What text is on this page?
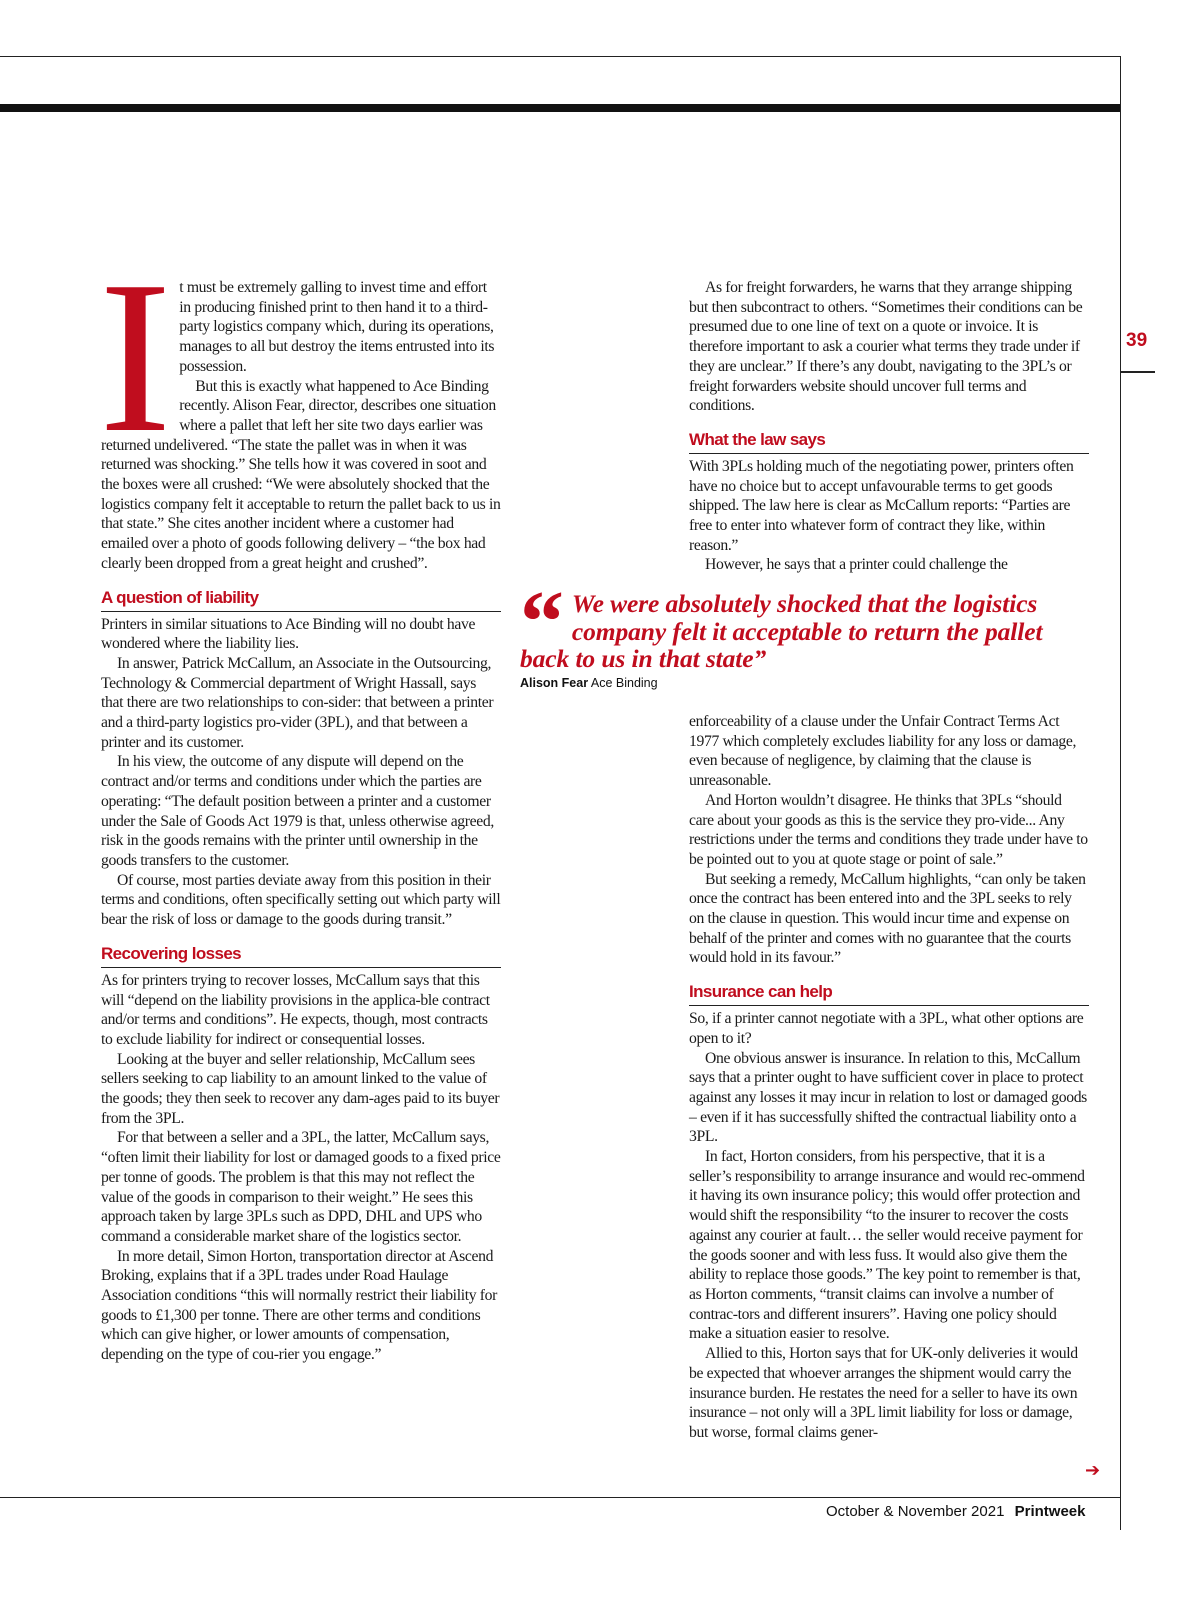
39
I t must be extremely galling to invest time and effort in producing finished print to then hand it to a third-party logistics company which, during its operations, manages to all but destroy the items entrusted into its possession.

But this is exactly what happened to Ace Binding recently. Alison Fear, director, describes one situation where a pallet that left her site two days earlier was returned undelivered. “The state the pallet was in when it was returned was shocking.” She tells how it was covered in soot and the boxes were all crushed: “We were absolutely shocked that the logistics company felt it acceptable to return the pallet back to us in that state.” She cites another incident where a customer had emailed over a photo of goods following delivery – “the box had clearly been dropped from a great height and crushed”.

A question of liability

Printers in similar situations to Ace Binding will no doubt have wondered where the liability lies.

In answer, Patrick McCallum, an Associate in the Outsourcing, Technology & Commercial department of Wright Hassall, says that there are two relationships to con-sider: that between a printer and a third-party logistics pro-vider (3PL), and that between a printer and its customer.

In his view, the outcome of any dispute will depend on the contract and/or terms and conditions under which the parties are operating: “The default position between a printer and a customer under the Sale of Goods Act 1979 is that, unless otherwise agreed, risk in the goods remains with the printer until ownership in the goods transfers to the customer.

Of course, most parties deviate away from this position in their terms and conditions, often specifically setting out which party will bear the risk of loss or damage to the goods during transit.”

Recovering losses

As for printers trying to recover losses, McCallum says that this will “depend on the liability provisions in the applica-ble contract and/or terms and conditions”. He expects, though, most contracts to exclude liability for indirect or consequential losses.

Looking at the buyer and seller relationship, McCallum sees sellers seeking to cap liability to an amount linked to the value of the goods; they then seek to recover any dam-ages paid to its buyer from the 3PL.

For that between a seller and a 3PL, the latter, McCallum says, “often limit their liability for lost or damaged goods to a fixed price per tonne of goods. The problem is that this may not reflect the value of the goods in comparison to their weight.” He sees this approach taken by large 3PLs such as DPD, DHL and UPS who command a considerable market share of the logistics sector.

In more detail, Simon Horton, transportation director at Ascend Broking, explains that if a 3PL trades under Road Haulage Association conditions “this will normally restrict their liability for goods to £1,300 per tonne. There are other terms and conditions which can give higher, or lower amounts of compensation, depending on the type of cou-rier you engage.”

As for freight forwarders, he warns that they arrange shipping but then subcontract to others. “Sometimes their conditions can be presumed due to one line of text on a quote or invoice. It is therefore important to ask a courier what terms they trade under if they are unclear.” If there’s any doubt, navigating to the 3PL’s or freight forwarders website should uncover full terms and conditions.

What the law says

With 3PLs holding much of the negotiating power, printers often have no choice but to accept unfavourable terms to get goods shipped. The law here is clear as McCallum reports: “Parties are free to enter into whatever form of contract they like, within reason.”

However, he says that a printer could challenge the

“ We were absolutely shocked that the logistics company felt it acceptable to return the pallet back to us in that state”
Alison Fear Ace Binding

enforceability of a clause under the Unfair Contract Terms Act 1977 which completely excludes liability for any loss or damage, even because of negligence, by claiming that the clause is unreasonable.

And Horton wouldn’t disagree. He thinks that 3PLs “should care about your goods as this is the service they pro-vide... Any restrictions under the terms and conditions they trade under have to be pointed out to you at quote stage or point of sale.”

But seeking a remedy, McCallum highlights, “can only be taken once the contract has been entered into and the 3PL seeks to rely on the clause in question. This would incur time and expense on behalf of the printer and comes with no guarantee that the courts would hold in its favour.”

Insurance can help

So, if a printer cannot negotiate with a 3PL, what other options are open to it?

One obvious answer is insurance. In relation to this, McCallum says that a printer ought to have sufficient cover in place to protect against any losses it may incur in relation to lost or damaged goods – even if it has successfully shifted the contractual liability onto a 3PL.

In fact, Horton considers, from his perspective, that it is a seller’s responsibility to arrange insurance and would rec-ommend it having its own insurance policy; this would offer protection and would shift the responsibility “to the insurer to recover the costs against any courier at fault… the seller would receive payment for the goods sooner and with less fuss. It would also give them the ability to replace those goods.” The key point to remember is that, as Horton comments, “transit claims can involve a number of contrac-tors and different insurers”. Having one policy should make a situation easier to resolve.

Allied to this, Horton says that for UK-only deliveries it would be expected that whoever arranges the shipment would carry the insurance burden. He restates the need for a seller to have its own insurance – not only will a 3PL limit liability for loss or damage, but worse, formal claims gener-

➔
October & November 2021 Printweek
